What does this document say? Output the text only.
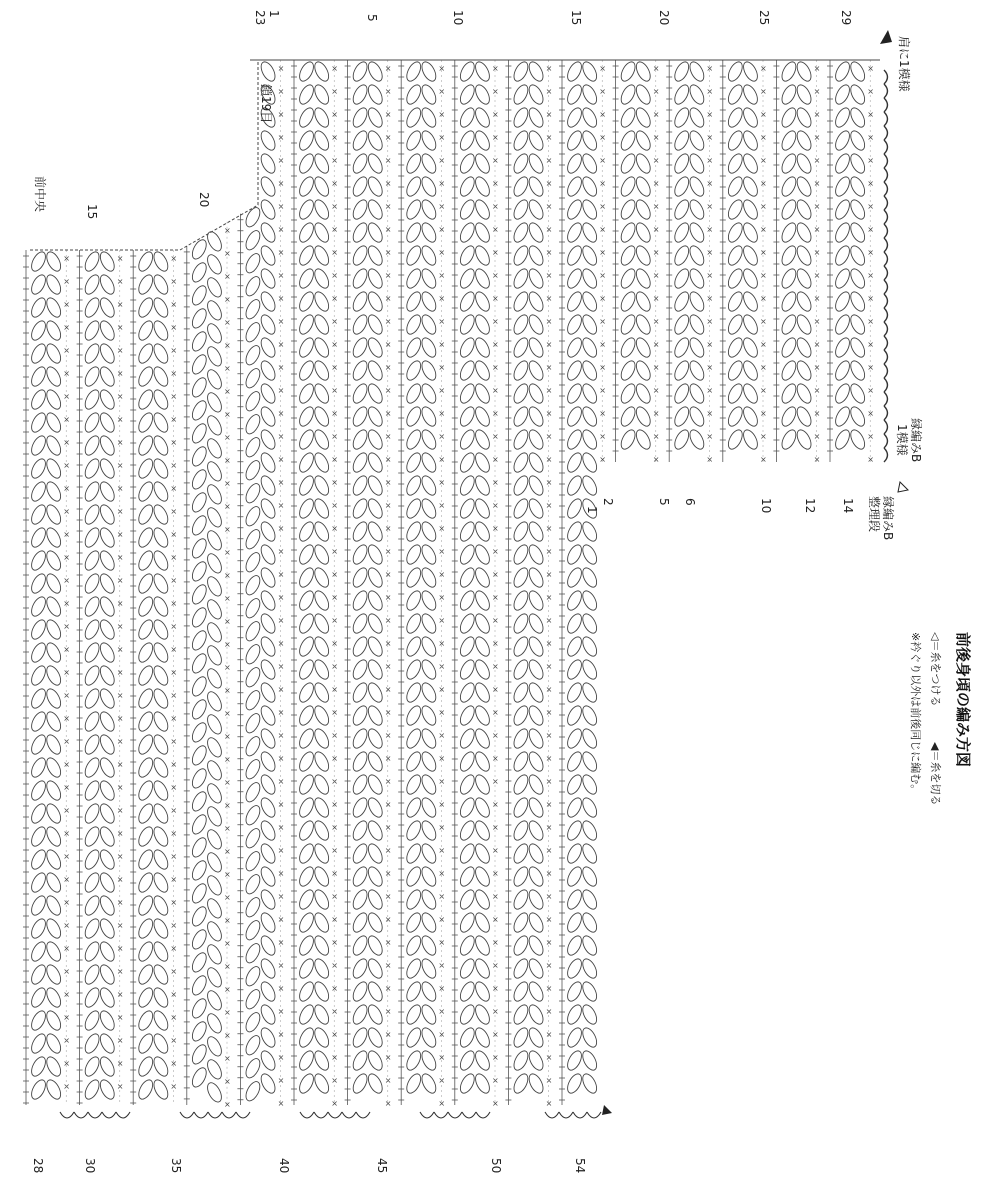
×
×
×
×
×
×
×
×
×
×
×
×
×
×
×
×
×
×
×
×
×
×
×
×
×
×
×
×
×
×
×
×
×
×
×
×
×
×
×
×
×
×
×
×
×
×
×
×
×
×
×
×
×
×
×
×
×
×
×
×
×
×
×
×
×
×
×
×
×
×
×
×
×
×
×
×
×
×
×
×
×
×
×
×
×
×
×
×
×
×
×
×
×
×
×
×
×
×
×
×
×
×
×
×
×
×
×
×
×
×
×
×
×
×
×
×
×
×
×
×
×
×
×
×
×
×
×
×
×
×
×
×
×
×
×
×
×
×
×
×
×
×
×
×
×
×
×
×
×
×
×
×
×
×
×
×
×
×
×
×
×
×
×
×
×
×
×
×
×
×
×
×
×
×
×
×
×
×
×
×
×
×
×
×
×
×
×
×
×
×
×
×
×
×
×
×
×
×
×
×
×
×
×
×
×
×
×
×
×
×
×
×
×
×
×
×
×
×
×
×
×
×
×
×
×
×
×
×
×
×
×
×
×
×
×
×
×
×
×
×
×
×
×
×
×
×
×
×
×
×
×
×
×
×
×
×
×
×
×
×
×
×
×
×
×
×
×
×
×
×
×
×
×
×
×
×
×
×
×
×
×
×
×
×
×
×
×
×
×
×
×
×
×
×
×
×
×
×
×
×
×
×
×
×
×
×
×
×
×
×
×
×
×
×
×
×
×
×
×
×
×
×
×
×
×
×
×
×
×
×
×
×
×
×
×
×
×
×
×
×
×
×
×
×
×
×
×
×
×
×
×
×
×
×
×
×
×
×
×
×
×
×
×
×
×
×
×
×
×
×
×
×
×
×
×
×
×
×
×
×
×
×
×
×
×
×
×
×
×
×
×
×
×
×
×
×
×
×
×
×
×
×
×
×
×
×
×
×
×
×
×
×
×
×
×
×
×
×
×
×
×
×
×
×
×
×
×
×
×
×
×
×
×
×
×
×
×
×
×
×
×
×
×
×
×
×
×
×
×
×
×
×
×
×
×
×
×
×
×
×
×
×
×
×
×
×
×
×
×
×
×
×
×
×
×
×
×
×
×
×
×
×
×
×
×
×
×
×
×
×
×
×
×
×
×
×
×
×
×
×
×
×
×
×
×
×
×
×
×
×
×
×
×
×
×
×
×
×
×
×
×
×
×
×
×
×
×
×
×
×
×
×
×
×
前後身頃の編み方図
◁＝糸をつける
◀＝糸を切る
※衿ぐり以外は前後同じに編む。
肩に1模様
鎖19目
前中央
縁編みB
1模様
縁編みB
整理段
23 1
5	10	15	20	25	29
15
20
2
1
5 6	10	12 14
28	30	35	40	45	50	54
